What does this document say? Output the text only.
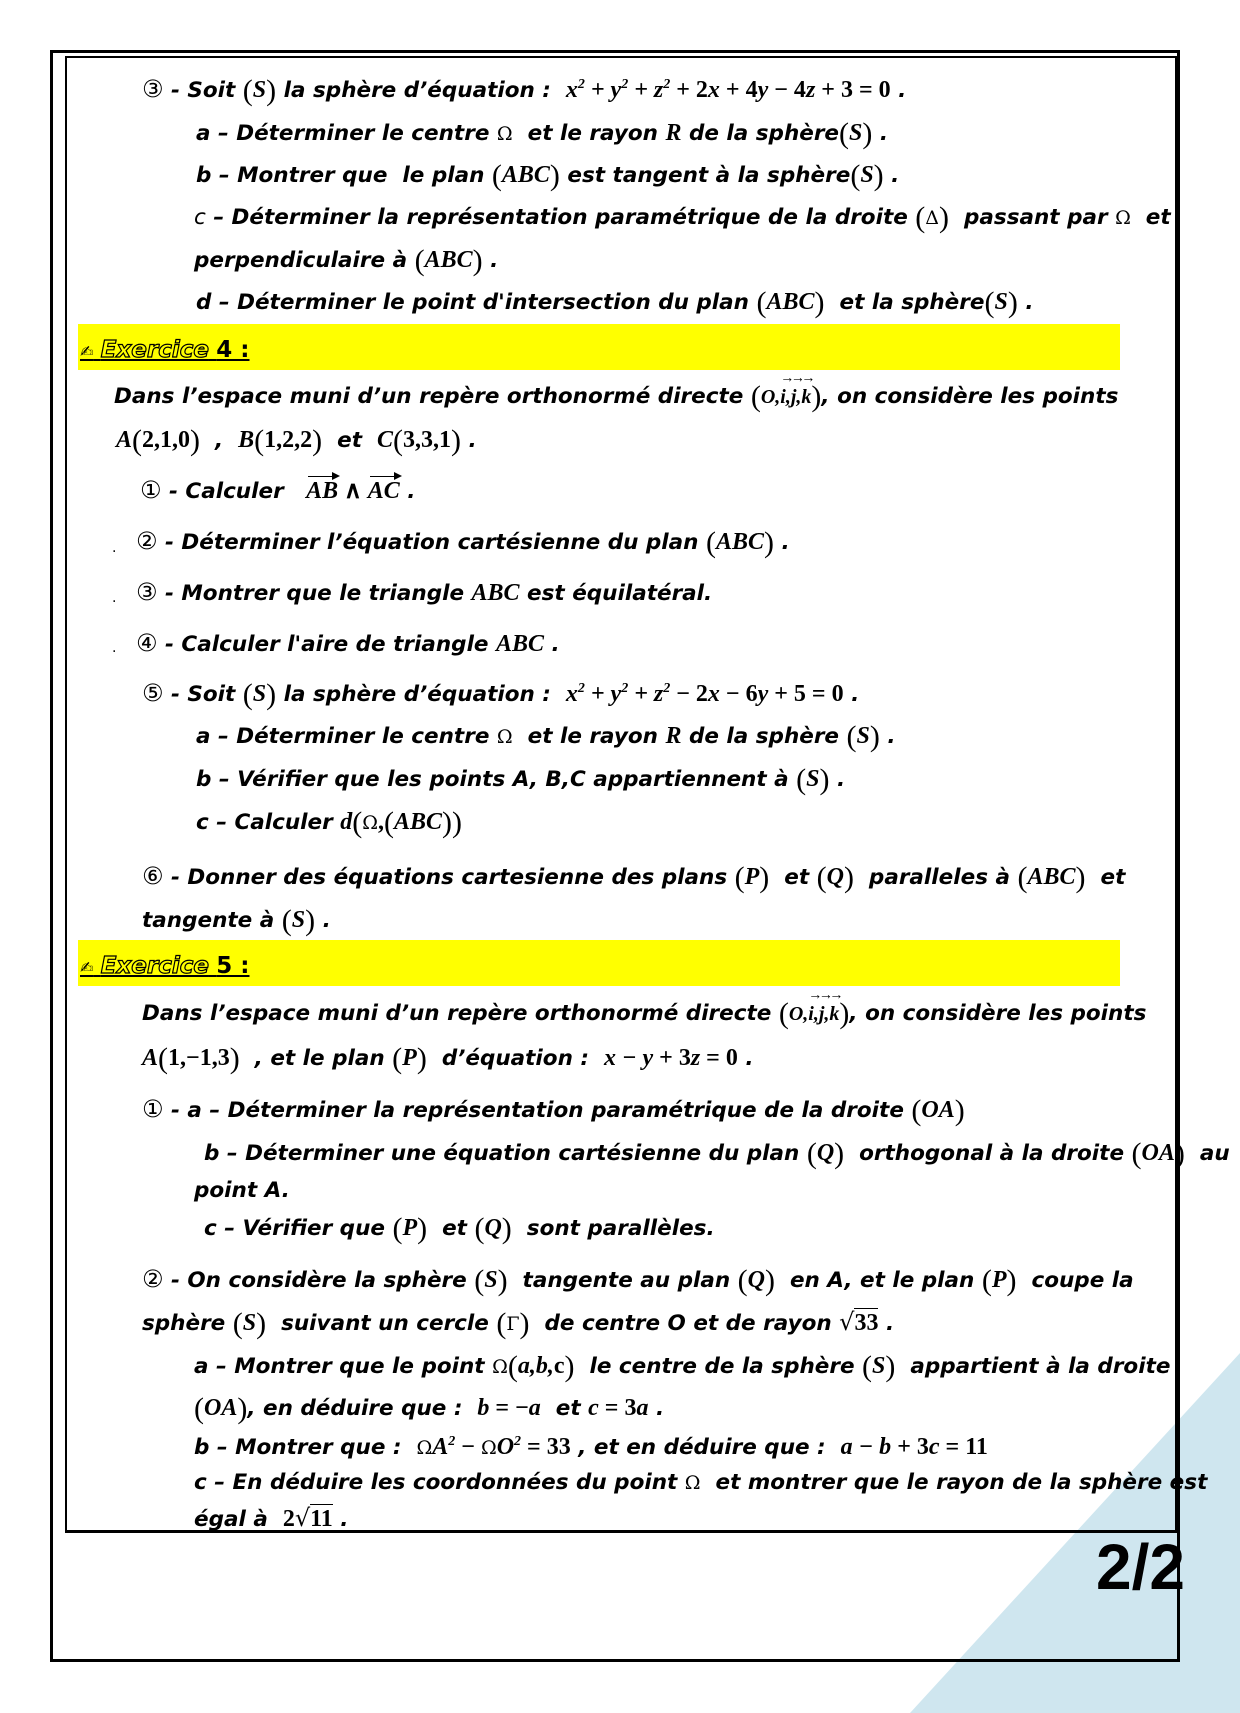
2/2
③ - Soit (S) la sphère d’équation :  $x^2 + y^2 + z^2 + 2x + 4y - 4z + 3 = 0$ .
a – Déterminer le centre Ω  et le rayon R de la sphère(S) .
b – Montrer que  le plan (ABC) est tangent à la sphère(S) .
c – Déterminer la représentation paramétrique de la droite (Δ)  passant par Ω  et
perpendiculaire à (ABC) .
d – Déterminer le point d'intersection du plan (ABC)  et la sphère(S) .
✍ Exercice 4 :
Dans l’espace muni d’un repère orthonormé directe (O,→ i,→ j,→ k), on considère les points
A(2,1,0)  ,  B(1,2,2)  et  C(3,3,1) .
① - Calculer   AB ∧ AC .
. ② - Déterminer l’équation cartésienne du plan (ABC) .
. ③ - Montrer que le triangle ABC est équilatéral.
. ④ - Calculer l'aire de triangle ABC .
⑤ - Soit (S) la sphère d’équation :  $x^2 + y^2 + z^2 - 2x - 6y + 5 = 0$ .
a – Déterminer le centre Ω  et le rayon R de la sphère (S) .
b – Vérifier que les points A, B,C appartiennent à (S) .
c – Calculer d(Ω,(ABC))
⑥ - Donner des équations cartesienne des plans (P)  et (Q)  paralleles à (ABC)  et
tangente à (S) .
✍ Exercice 5 :
Dans l’espace muni d’un repère orthonormé directe (O,→ i,→ j,→ k), on considère les points
A(1,−1,3)  , et le plan (P)  d’équation :  x − y + 3z = 0 .
① - a – Déterminer la représentation paramétrique de la droite (OA)
b – Déterminer une équation cartésienne du plan (Q)  orthogonal à la droite (OA)  au
point A.
c – Vérifier que (P)  et (Q)  sont parallèles.
② - On considère la sphère (S)  tangente au plan (Q)  en A, et le plan (P)  coupe la
sphère (S)  suivant un cercle (Γ)  de centre O et de rayon √33 .
a – Montrer que le point Ω(a,b,c)  le centre de la sphère (S)  appartient à la droite
(OA), en déduire que :  b = −a  et c = 3a .
b – Montrer que :  $\Omega A^2 - \Omega O^2 = 33$ , et en déduire que :  a − b + 3c = 11
c – En déduire les coordonnées du point Ω  et montrer que le rayon de la sphère est
égal à  2√11 .
